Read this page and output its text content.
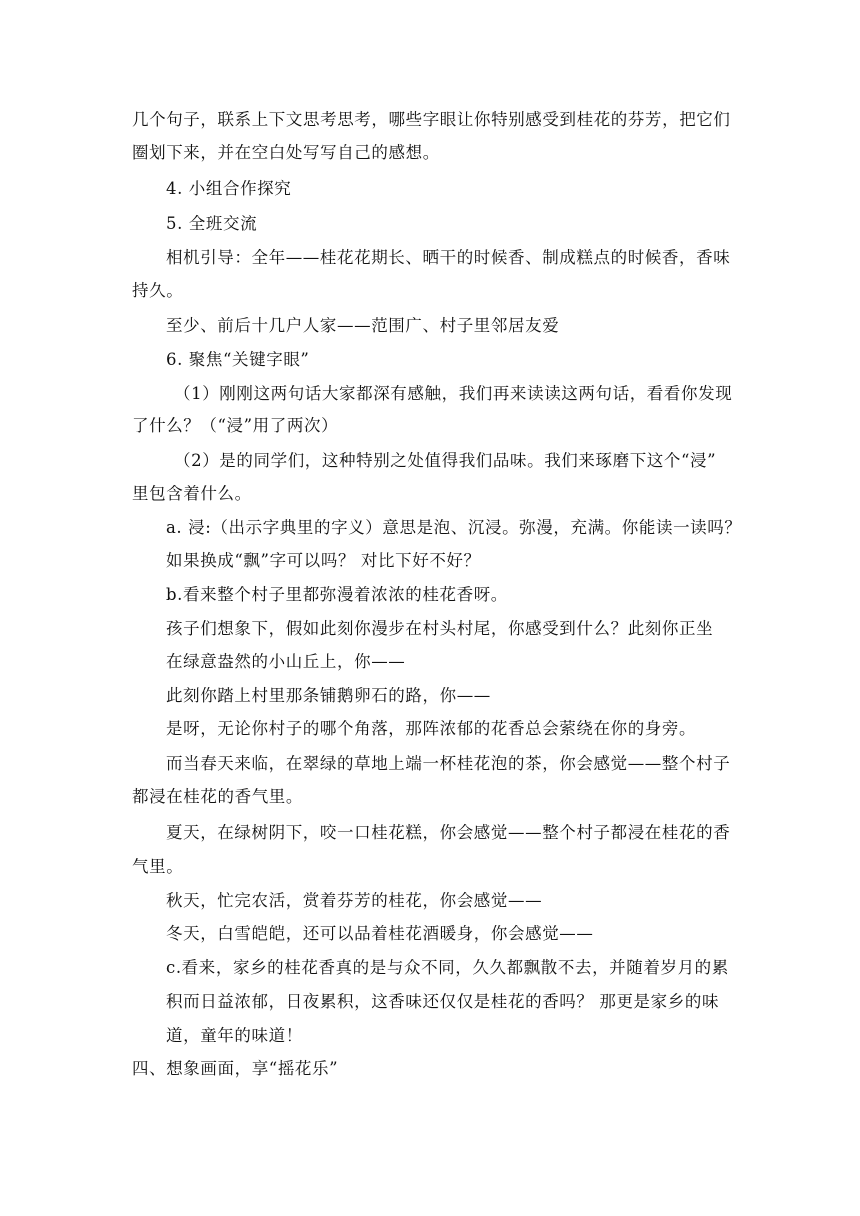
几个句子，联系上下文思考思考，哪些字眼让你特别感受到桂花的芬芳，把它们
圈划下来，并在空白处写写自己的感想。
4. 小组合作探究
5. 全班交流
相机引导：全年——桂花花期长、晒干的时候香、制成糕点的时候香，香味
持久。
至少、前后十几户人家——范围广、村子里邻居友爱
6. 聚焦“关键字眼”
（1）刚刚这两句话大家都深有感触，我们再来读读这两句话，看看你发现
了什么？（“浸”用了两次）
（2）是的同学们，这种特别之处值得我们品味。我们来琢磨下这个“浸”
里包含着什么。
a. 浸:（出示字典里的字义）意思是泡、沉浸。弥漫，充满。你能读一读吗？
如果换成“飘”字可以吗？ 对比下好不好？
b.看来整个村子里都弥漫着浓浓的桂花香呀。
孩子们想象下，假如此刻你漫步在村头村尾，你感受到什么？此刻你正坐
在绿意盎然的小山丘上，你——
此刻你踏上村里那条铺鹅卵石的路，你——
是呀，无论你村子的哪个角落，那阵浓郁的花香总会萦绕在你的身旁。
而当春天来临，在翠绿的草地上端一杯桂花泡的茶，你会感觉——整个村子
都浸在桂花的香气里。
夏天，在绿树阴下，咬一口桂花糕，你会感觉——整个村子都浸在桂花的香
气里。
秋天，忙完农活，赏着芬芳的桂花，你会感觉——
冬天，白雪皑皑，还可以品着桂花酒暖身，你会感觉——
c.看来，家乡的桂花香真的是与众不同，久久都飘散不去，并随着岁月的累
积而日益浓郁，日夜累积，这香味还仅仅是桂花的香吗？ 那更是家乡的味
道，童年的味道！
四、想象画面，享“摇花乐”
